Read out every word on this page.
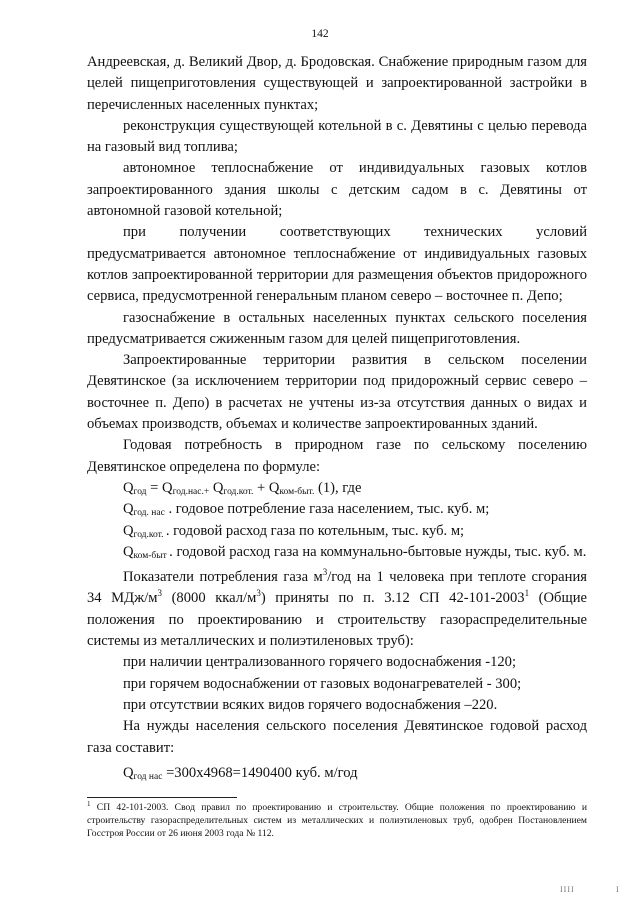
142

Андреевская, д. Великий Двор, д. Бродовская. Снабжение природным газом для целей пищеприготовления существующей и запроектированной застройки в перечисленных населенных пунктах;

реконструкция существующей котельной в с. Девятины с целью перевода на газовый вид топлива;

автономное теплоснабжение от индивидуальных газовых котлов запроектированного здания школы с детским садом в с. Девятины от автономной газовой котельной;

при получении соответствующих технических условий предусматривается автономное теплоснабжение от индивидуальных газовых котлов запроектированной территории для размещения объектов придорожного сервиса, предусмотренной генеральным планом северо – восточнее п. Депо;

газоснабжение в остальных населенных пунктах сельского поселения предусматривается сжиженным газом для целей пищеприготовления.

Запроектированные территории развития в сельском поселении Девятинское (за исключением территории под придорожный сервис северо – восточнее п. Депо) в расчетах не учтены из-за отсутствия данных о видах и объемах производств, объемах и количестве запроектированных зданий.

Годовая потребность в природном газе по сельскому поселению Девятинское определена по формуле:

$Q_{год} = Q_{год.нас.+}$ $Q_{год.кот.} + Q_{ком-быт.}$ (1), где

$Q_{год. нас}$ . годовое потребление газа населением, тыс. куб. м;

$Q_{год.кот.}$ . годовой расход газа по котельным, тыс. куб. м;

$Q_{ком-быт}$ . годовой расход газа на коммунально-бытовые нужды, тыс. куб. м.

Показатели потребления газа $м^3$/год на 1 человека при теплоте сгорания 34 МДж/$м^3$ (8000 ккал/$м^3$) приняты по п. 3.12 СП 42-101-2003$^1$ (Общие положения по проектированию и строительству газораспределительные системы из металлических и полиэтиленовых труб):

при наличии централизованного горячего водоснабжения -120;

при горячем водоснабжении от газовых водонагревателей - 300;

при отсутствии всяких видов горячего водоснабжения –220.

На нужды населения сельского поселения Девятинское годовой расход газа составит:

$Q_{год нас} =300х4968=1490400$ куб. м/год

$^1$ СП 42-101-2003. Свод правил по проектированию и строительству. Общие положения по проектированию и строительству газораспределительных систем из металлических и полиэтиленовых труб, одобрен Постановлением Госстроя России от 26 июня 2003 года № 112.
IIII	I
